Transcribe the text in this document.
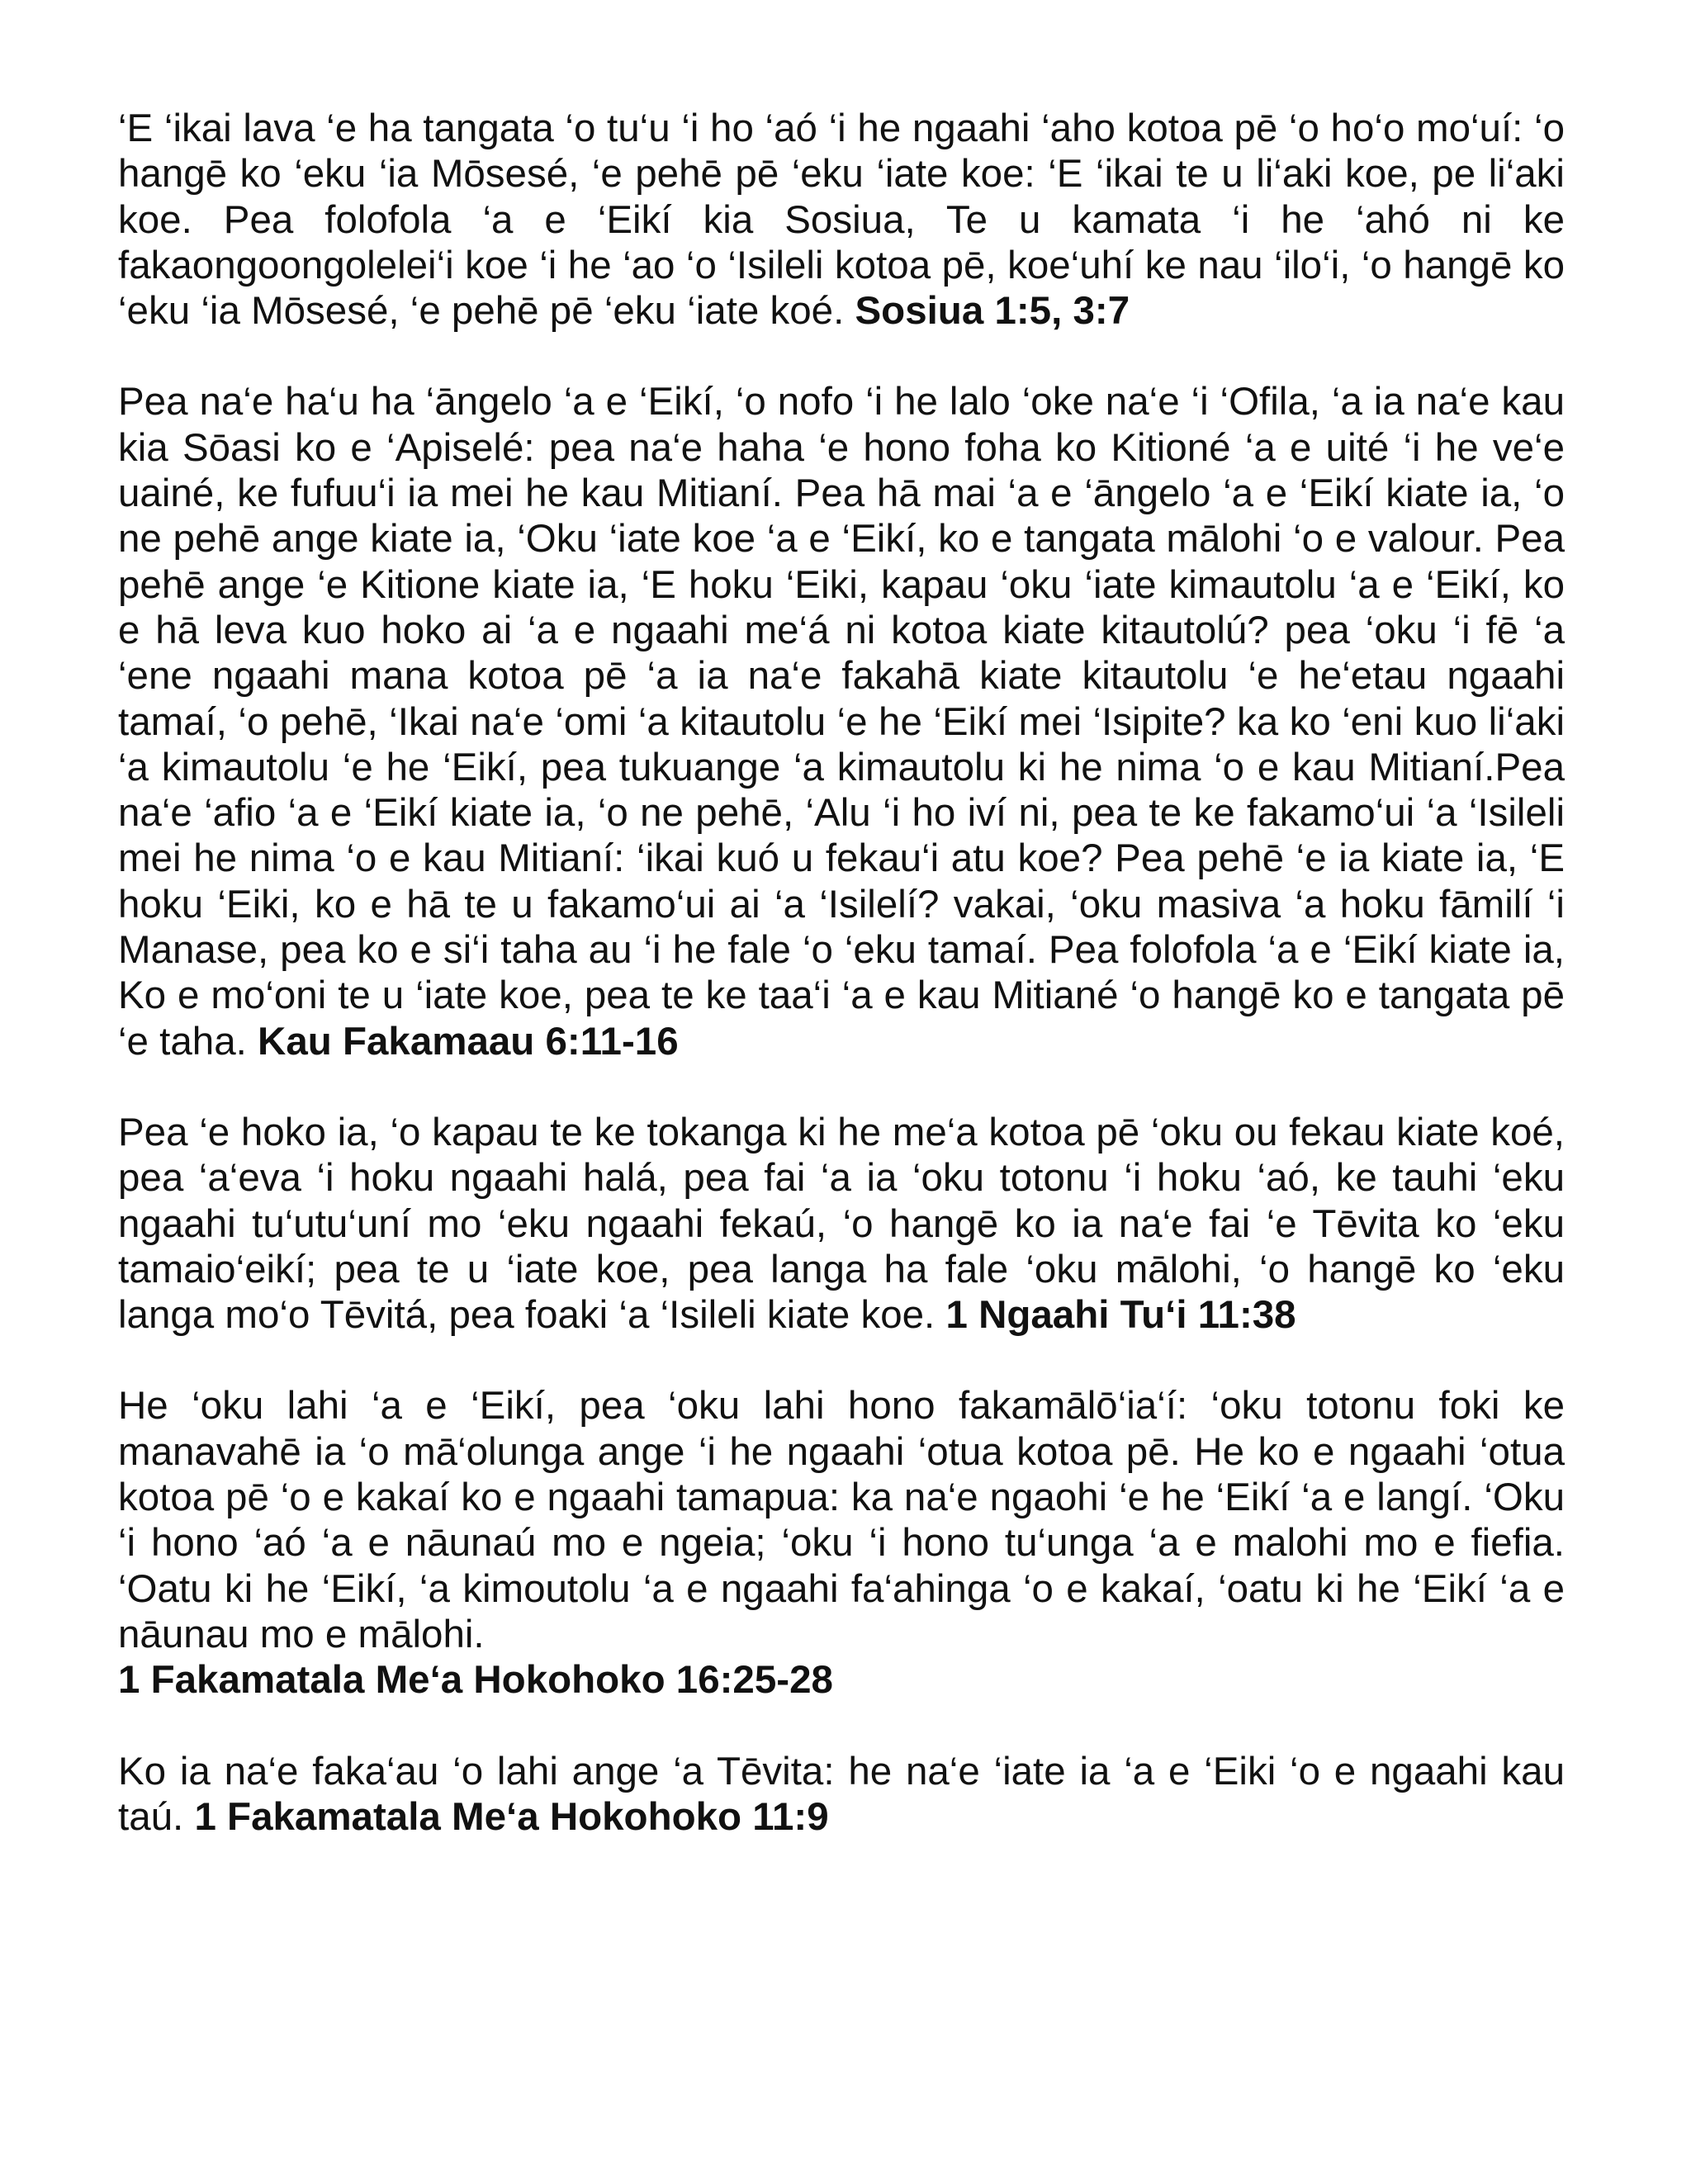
‘E ‘ikai lava ‘e ha tangata ‘o tu‘u ‘i ho ‘aó ‘i he ngaahi ‘aho kotoa pē ‘o ho‘o mo‘uí: ‘o hangē ko ‘eku ‘ia Mōsesé, ‘e pehē pē ‘eku ‘iate koe: ‘E ‘ikai te u li‘aki koe, pe li‘aki koe. Pea folofola ‘a e ‘Eikí kia Sosiua, Te u kamata ‘i he ‘ahó ni ke fakaongoongolelei‘i koe ‘i he ‘ao ‘o ‘Isileli kotoa pē, koe‘uhí ke nau ‘ilo‘i, ‘o hangē ko ‘eku ‘ia Mōsesé, ‘e pehē pē ‘eku ‘iate koé. Sosiua 1:5, 3:7

Pea na‘e ha‘u ha ‘āngelo ‘a e ‘Eikí, ‘o nofo ‘i he lalo ‘oke na‘e ‘i ‘Ofila, ‘a ia na‘e kau kia Sōasi ko e ‘Apiselé: pea na‘e haha ‘e hono foha ko Kitioné ‘a e uité ‘i he ve‘e uainé, ke fufuu‘i ia mei he kau Mitianí. Pea hā mai ‘a e ‘āngelo ‘a e ‘Eikí kiate ia, ‘o ne pehē ange kiate ia, ‘Oku ‘iate koe ‘a e ‘Eikí, ko e tangata mālohi ‘o e valour. Pea pehē ange ‘e Kitione kiate ia, ‘E hoku ‘Eiki, kapau ‘oku ‘iate kimautolu ‘a e ‘Eikí, ko e hā leva kuo hoko ai ‘a e ngaahi me‘á ni kotoa kiate kitautolú? pea ‘oku ‘i fē ‘a ‘ene ngaahi mana kotoa pē ‘a ia na‘e fakahā kiate kitautolu ‘e he‘etau ngaahi tamaí, ‘o pehē, ‘Ikai na‘e ‘omi ‘a kitautolu ‘e he ‘Eikí mei ‘Isipite? ka ko ‘eni kuo li‘aki ‘a kimautolu ‘e he ‘Eikí, pea tukuange ‘a kimautolu ki he nima ‘o e kau Mitianí.Pea na‘e ‘afio ‘a e ‘Eikí kiate ia, ‘o ne pehē, ‘Alu ‘i ho iví ni, pea te ke fakamo‘ui ‘a ‘Isileli mei he nima ‘o e kau Mitianí: ‘ikai kuó u fekau‘i atu koe? Pea pehē ‘e ia kiate ia, ‘E hoku ‘Eiki, ko e hā te u fakamo‘ui ai ‘a ‘Isilelí? vakai, ‘oku masiva ‘a hoku fāmilí ‘i Manase, pea ko e si‘i taha au ‘i he fale ‘o ‘eku tamaí. Pea folofola ‘a e ‘Eikí kiate ia, Ko e mo‘oni te u ‘iate koe, pea te ke taa‘i ‘a e kau Mitiané ‘o hangē ko e tangata pē ‘e taha. Kau Fakamaau 6:11-16

Pea ‘e hoko ia, ‘o kapau te ke tokanga ki he me‘a kotoa pē ‘oku ou fekau kiate koé, pea ‘a‘eva ‘i hoku ngaahi halá, pea fai ‘a ia ‘oku totonu ‘i hoku ‘aó, ke tauhi ‘eku ngaahi tu‘utu‘uní mo ‘eku ngaahi fekaú, ‘o hangē ko ia na‘e fai ‘e Tēvita ko ‘eku tamaio‘eikí; pea te u ‘iate koe, pea langa ha fale ‘oku mālohi, ‘o hangē ko ‘eku langa mo‘o Tēvitá, pea foaki ‘a ‘Isileli kiate koe. 1 Ngaahi Tu‘i 11:38

He ‘oku lahi ‘a e ‘Eikí, pea ‘oku lahi hono fakamālō‘ia‘í: ‘oku totonu foki ke manavahē ia ‘o mā‘olunga ange ‘i he ngaahi ‘otua kotoa pē. He ko e ngaahi ‘otua kotoa pē ‘o e kakaí ko e ngaahi tamapua: ka na‘e ngaohi ‘e he ‘Eikí ‘a e langí. ‘Oku ‘i hono ‘aó ‘a e nāunaú mo e ngeia; ‘oku ‘i hono tu‘unga ‘a e malohi mo e fiefia. ‘Oatu ki he ‘Eikí, ‘a kimoutolu ‘a e ngaahi fa‘ahinga ‘o e kakaí, ‘oatu ki he ‘Eikí ‘a e nāunau mo e mālohi.
1 Fakamatala Me‘a Hokohoko 16:25-28

Ko ia na‘e faka‘au ‘o lahi ange ‘a Tēvita: he na‘e ‘iate ia ‘a e ‘Eiki ‘o e ngaahi kau taú. 1 Fakamatala Me‘a Hokohoko 11:9
